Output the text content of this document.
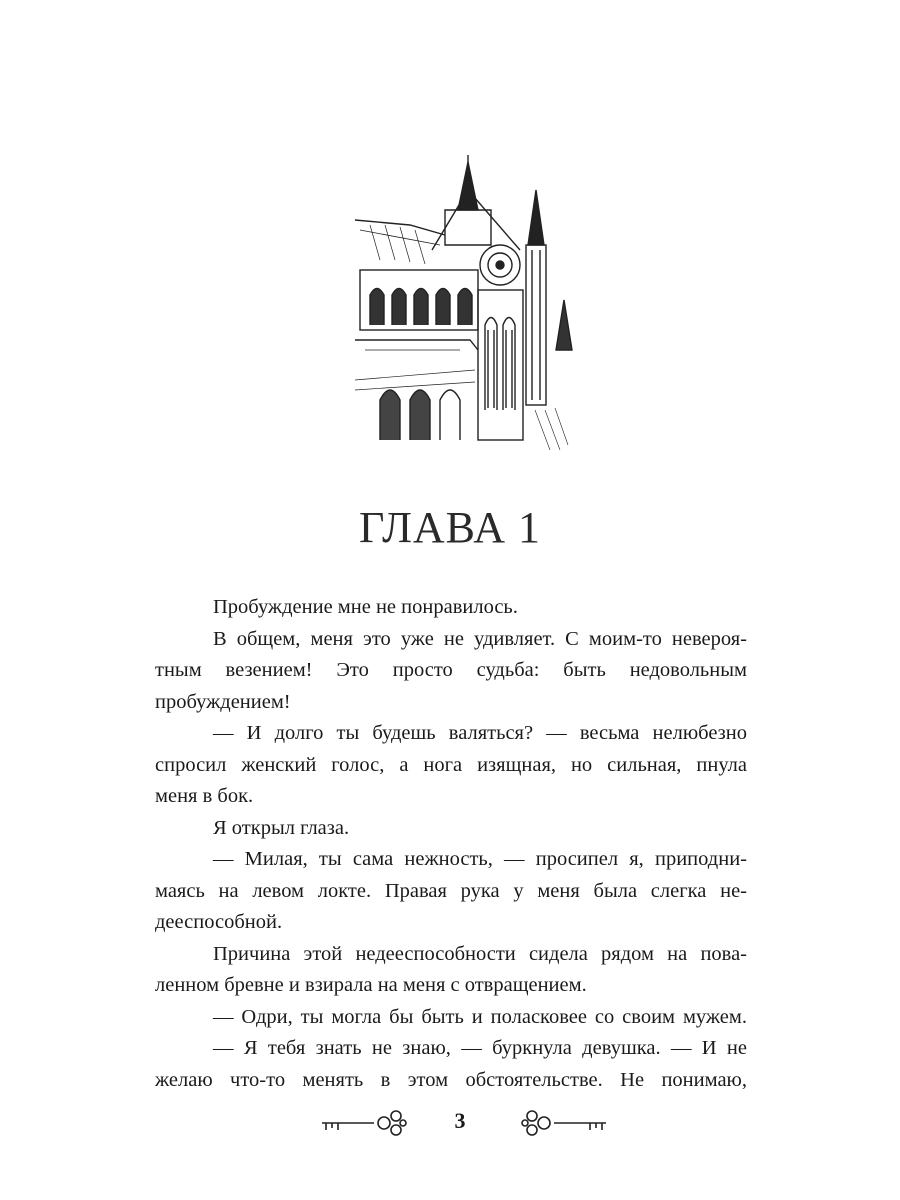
ГЛАВА 1
Пробуждение мне не понравилось.
В общем, меня это уже не удивляет. С моим-то невероя-
тным везением! Это просто судьба: быть недовольным
пробуждением!
— И долго ты будешь валяться? — весьма нелюбезно
спросил женский голос, а нога изящная, но сильная, пнула
меня в бок.
Я открыл глаза.
— Милая, ты сама нежность, — просипел я, приподни-
маясь на левом локте. Правая рука у меня была слегка не-
дееспособной.
Причина этой недееспособности сидела рядом на пова-
ленном бревне и взирала на меня с отвращением.
— Одри, ты могла бы быть и поласковее со своим мужем.
— Я тебя знать не знаю, — буркнула девушка. — И не
желаю что-то менять в этом обстоятельстве. Не понимаю,
3
